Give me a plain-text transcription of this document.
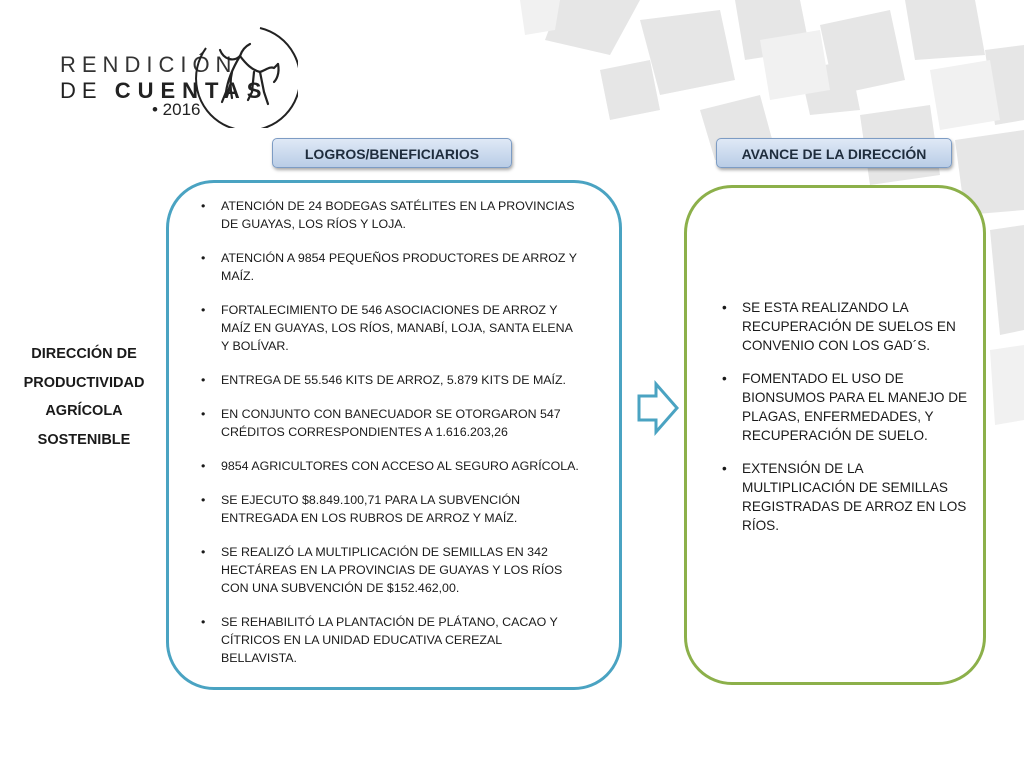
RENDICIÓN
DE CUENTAS
• 2016
LOGROS/BENEFICIARIOS	AVANCE DE LA DIRECCIÓN
DIRECCIÓN DE
PRODUCTIVIDAD
AGRÍCOLA
SOSTENIBLE
• ATENCIÓN DE 24 BODEGAS SATÉLITES EN LA PROVINCIAS DE GUAYAS, LOS RÍOS Y LOJA.
• ATENCIÓN A 9854 PEQUEÑOS PRODUCTORES DE ARROZ Y MAÍZ.
• FORTALECIMIENTO DE 546 ASOCIACIONES DE ARROZ Y MAÍZ EN GUAYAS, LOS RÍOS, MANABÍ, LOJA, SANTA ELENA Y BOLÍVAR.
• ENTREGA DE 55.546 KITS DE ARROZ, 5.879 KITS DE MAÍZ.
• EN CONJUNTO CON BANECUADOR SE OTORGARON 547 CRÉDITOS CORRESPONDIENTES A 1.616.203,26
• 9854 AGRICULTORES CON ACCESO AL SEGURO AGRÍCOLA.
• SE EJECUTO $8.849.100,71 PARA LA SUBVENCIÓN ENTREGADA EN LOS RUBROS DE ARROZ Y MAÍZ.
• SE REALIZÓ LA MULTIPLICACIÓN DE SEMILLAS EN 342 HECTÁREAS EN LA PROVINCIAS DE GUAYAS Y LOS RÍOS CON UNA SUBVENCIÓN DE $152.462,00.
• SE REHABILITÓ LA PLANTACIÓN DE PLÁTANO, CACAO Y CÍTRICOS EN LA UNIDAD EDUCATIVA CEREZAL BELLAVISTA.
• SE ESTA REALIZANDO LA RECUPERACIÓN DE SUELOS EN CONVENIO CON LOS GAD´S.
• FOMENTADO EL USO DE BIONSUMOS PARA EL MANEJO DE PLAGAS, ENFERMEDADES, Y RECUPERACIÓN DE SUELO.
• EXTENSIÓN DE LA MULTIPLICACIÓN DE SEMILLAS REGISTRADAS DE ARROZ EN LOS RÍOS.
